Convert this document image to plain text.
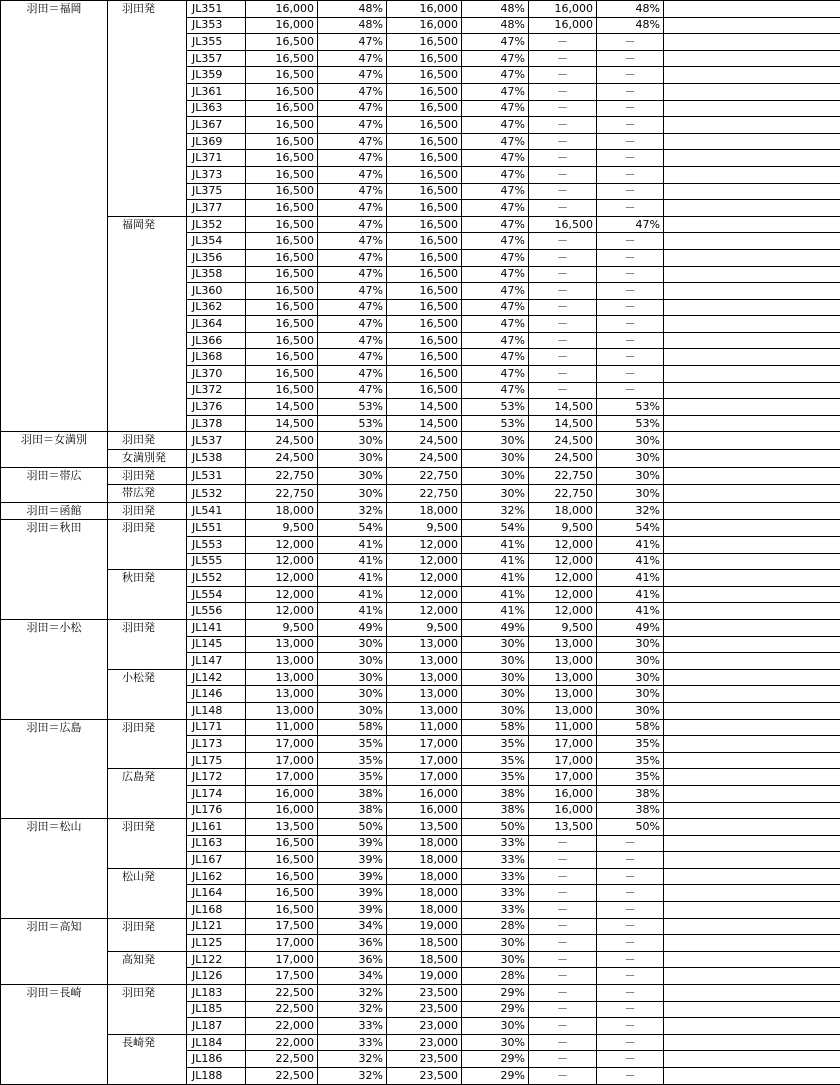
羽田＝福岡	羽田発	JL351	16,000	48%	16,000	48%	16,000	48%	
		JL353	16,000	48%	16,000	48%	16,000	48%	
		JL355	16,500	47%	16,500	47%	－	－	
		JL357	16,500	47%	16,500	47%	－	－	
		JL359	16,500	47%	16,500	47%	－	－	
		JL361	16,500	47%	16,500	47%	－	－	
		JL363	16,500	47%	16,500	47%	－	－	
		JL367	16,500	47%	16,500	47%	－	－	
		JL369	16,500	47%	16,500	47%	－	－	
		JL371	16,500	47%	16,500	47%	－	－	
		JL373	16,500	47%	16,500	47%	－	－	
		JL375	16,500	47%	16,500	47%	－	－	
		JL377	16,500	47%	16,500	47%	－	－	
	福岡発	JL352	16,500	47%	16,500	47%	16,500	47%	
		JL354	16,500	47%	16,500	47%	－	－	
		JL356	16,500	47%	16,500	47%	－	－	
		JL358	16,500	47%	16,500	47%	－	－	
		JL360	16,500	47%	16,500	47%	－	－	
		JL362	16,500	47%	16,500	47%	－	－	
		JL364	16,500	47%	16,500	47%	－	－	
		JL366	16,500	47%	16,500	47%	－	－	
		JL368	16,500	47%	16,500	47%	－	－	
		JL370	16,500	47%	16,500	47%	－	－	
		JL372	16,500	47%	16,500	47%	－	－	
		JL376	14,500	53%	14,500	53%	14,500	53%	
		JL378	14,500	53%	14,500	53%	14,500	53%	
羽田＝女満別	羽田発	JL537	24,500	30%	24,500	30%	24,500	30%	
	女満別発	JL538	24,500	30%	24,500	30%	24,500	30%	
羽田＝帯広	羽田発	JL531	22,750	30%	22,750	30%	22,750	30%	
	帯広発	JL532	22,750	30%	22,750	30%	22,750	30%	
羽田＝函館	羽田発	JL541	18,000	32%	18,000	32%	18,000	32%	
羽田＝秋田	羽田発	JL551	9,500	54%	9,500	54%	9,500	54%	
		JL553	12,000	41%	12,000	41%	12,000	41%	
		JL555	12,000	41%	12,000	41%	12,000	41%	
	秋田発	JL552	12,000	41%	12,000	41%	12,000	41%	
		JL554	12,000	41%	12,000	41%	12,000	41%	
		JL556	12,000	41%	12,000	41%	12,000	41%	
羽田＝小松	羽田発	JL141	9,500	49%	9,500	49%	9,500	49%	
		JL145	13,000	30%	13,000	30%	13,000	30%	
		JL147	13,000	30%	13,000	30%	13,000	30%	
	小松発	JL142	13,000	30%	13,000	30%	13,000	30%	
		JL146	13,000	30%	13,000	30%	13,000	30%	
		JL148	13,000	30%	13,000	30%	13,000	30%	
羽田＝広島	羽田発	JL171	11,000	58%	11,000	58%	11,000	58%	
		JL173	17,000	35%	17,000	35%	17,000	35%	
		JL175	17,000	35%	17,000	35%	17,000	35%	
	広島発	JL172	17,000	35%	17,000	35%	17,000	35%	
		JL174	16,000	38%	16,000	38%	16,000	38%	
		JL176	16,000	38%	16,000	38%	16,000	38%	
羽田＝松山	羽田発	JL161	13,500	50%	13,500	50%	13,500	50%	
		JL163	16,500	39%	18,000	33%	－	－	
		JL167	16,500	39%	18,000	33%	－	－	
	松山発	JL162	16,500	39%	18,000	33%	－	－	
		JL164	16,500	39%	18,000	33%	－	－	
		JL168	16,500	39%	18,000	33%	－	－	
羽田＝高知	羽田発	JL121	17,500	34%	19,000	28%	－	－	
		JL125	17,000	36%	18,500	30%	－	－	
	高知発	JL122	17,000	36%	18,500	30%	－	－	
		JL126	17,500	34%	19,000	28%	－	－	
羽田＝長崎	羽田発	JL183	22,500	32%	23,500	29%	－	－	
		JL185	22,500	32%	23,500	29%	－	－	
		JL187	22,000	33%	23,000	30%	－	－	
	長崎発	JL184	22,000	33%	23,000	30%	－	－	
		JL186	22,500	32%	23,500	29%	－	－	
		JL188	22,500	32%	23,500	29%	－	－	
